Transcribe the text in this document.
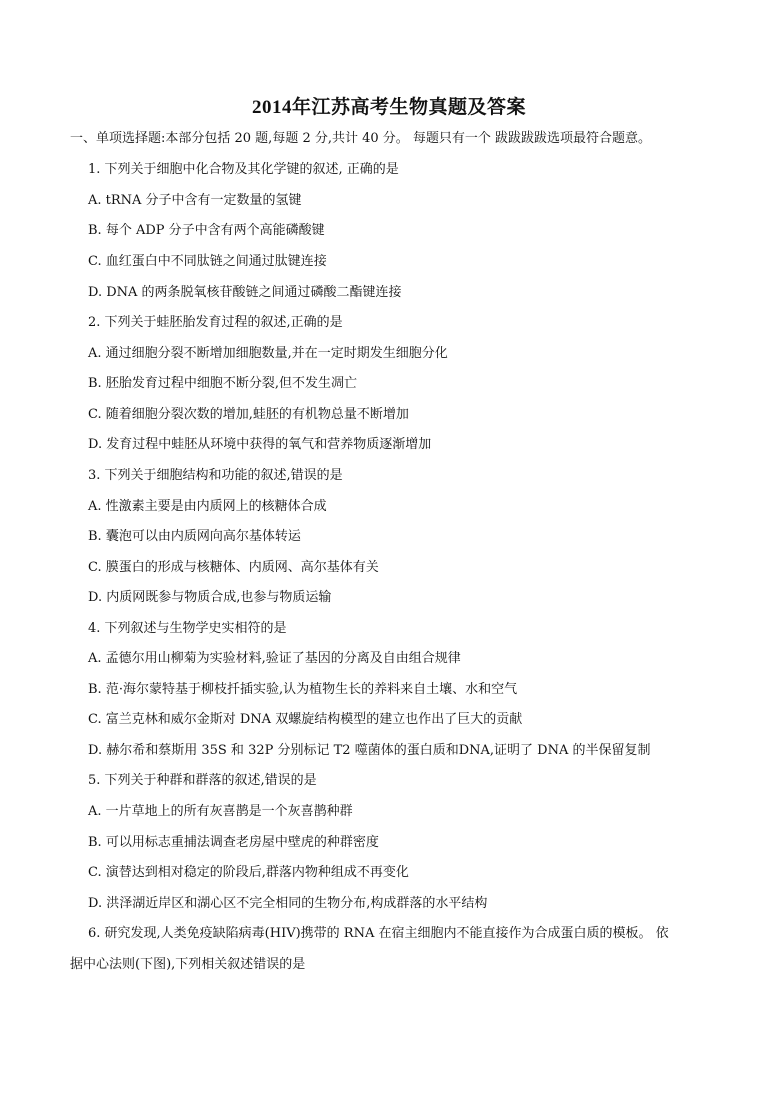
2014年江苏高考生物真题及答案
一、单项选择题:本部分包括 20 题,每题 2 分,共计 40 分。 每题只有一个 跋跋跋跋选项最符合题意。
1. 下列关于细胞中化合物及其化学键的叙述, 正确的是
A. tRNA 分子中含有一定数量的氢键
B. 每个 ADP 分子中含有两个高能磷酸键
C. 血红蛋白中不同肽链之间通过肽键连接
D. DNA 的两条脱氧核苷酸链之间通过磷酸二酯键连接
2. 下列关于蛙胚胎发育过程的叙述,正确的是
A. 通过细胞分裂不断增加细胞数量,并在一定时期发生细胞分化
B. 胚胎发育过程中细胞不断分裂,但不发生凋亡
C. 随着细胞分裂次数的增加,蛙胚的有机物总量不断增加
D. 发育过程中蛙胚从环境中获得的氧气和营养物质逐渐增加
3. 下列关于细胞结构和功能的叙述,错误的是
A. 性激素主要是由内质网上的核糖体合成
B. 囊泡可以由内质网向高尔基体转运
C. 膜蛋白的形成与核糖体、内质网、高尔基体有关
D. 内质网既参与物质合成,也参与物质运输
4. 下列叙述与生物学史实相符的是
A. 孟德尔用山柳菊为实验材料,验证了基因的分离及自由组合规律
B. 范·海尔蒙特基于柳枝扦插实验,认为植物生长的养料来自土壤、水和空气
C. 富兰克林和威尔金斯对 DNA 双螺旋结构模型的建立也作出了巨大的贡献
D. 赫尔希和蔡斯用 35S 和 32P 分别标记 T2 噬菌体的蛋白质和DNA,证明了 DNA 的半保留复制
5. 下列关于种群和群落的叙述,错误的是
A. 一片草地上的所有灰喜鹊是一个灰喜鹊种群
B. 可以用标志重捕法调查老房屋中壁虎的种群密度
C. 演替达到相对稳定的阶段后,群落内物种组成不再变化
D. 洪泽湖近岸区和湖心区不完全相同的生物分布,构成群落的水平结构
6. 研究发现,人类免疫缺陷病毒(HIV)携带的 RNA 在宿主细胞内不能直接作为合成蛋白质的模板。 依
据中心法则(下图),下列相关叙述错误的是
